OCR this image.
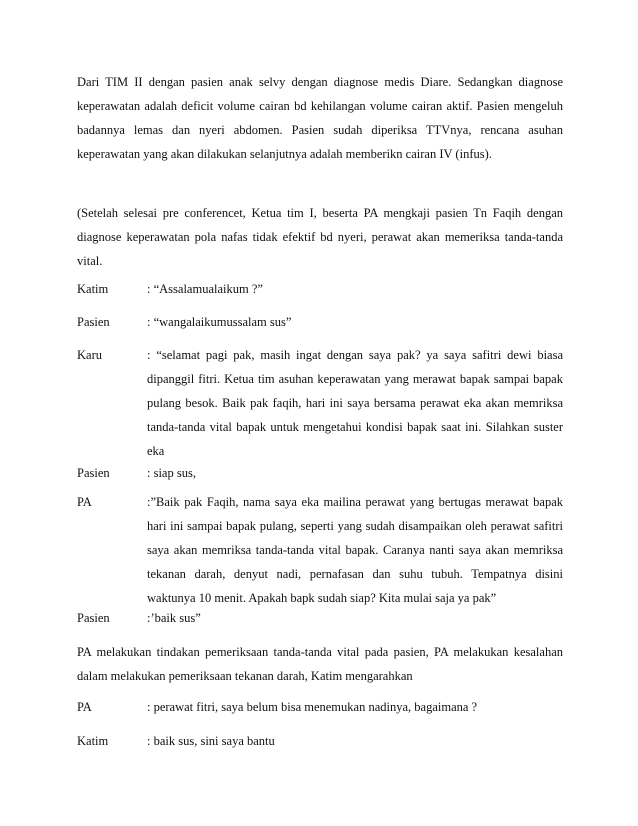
Dari TIM II dengan pasien anak selvy dengan diagnose medis Diare. Sedangkan diagnose keperawatan adalah deficit volume cairan bd kehilangan volume cairan aktif. Pasien mengeluh badannya lemas dan nyeri abdomen. Pasien sudah diperiksa TTVnya, rencana asuhan keperawatan yang akan dilakukan selanjutnya adalah memberikn cairan IV (infus).

(Setelah selesai pre conferencet, Ketua tim I, beserta PA mengkaji pasien Tn Faqih dengan diagnose keperawatan pola nafas tidak efektif bd nyeri, perawat akan memeriksa tanda-tanda vital.

Katim	: “Assalamualaikum ?”

Pasien	: “wangalaikumussalam sus”

Karu	: “selamat pagi pak, masih ingat dengan saya pak? ya saya safitri dewi biasa dipanggil fitri. Ketua tim asuhan keperawatan yang merawat bapak sampai bapak pulang besok. Baik pak faqih, hari ini saya bersama perawat eka akan memriksa tanda-tanda vital bapak untuk mengetahui kondisi bapak saat ini. Silahkan suster eka

Pasien	: siap sus,

PA	:”Baik pak Faqih, nama saya eka mailina perawat yang bertugas merawat bapak hari ini sampai bapak pulang, seperti yang sudah disampaikan oleh perawat safitri saya akan memriksa tanda-tanda vital bapak. Caranya nanti saya akan memriksa tekanan darah, denyut nadi, pernafasan dan suhu tubuh. Tempatnya disini waktunya 10 menit. Apakah bapk sudah siap? Kita mulai saja ya pak”

Pasien	:’baik sus”

PA melakukan tindakan pemeriksaan tanda-tanda vital pada pasien, PA melakukan kesalahan dalam melakukan pemeriksaan tekanan darah, Katim mengarahkan

PA	: perawat fitri, saya belum bisa menemukan nadinya, bagaimana ?

Katim	: baik sus, sini saya bantu
